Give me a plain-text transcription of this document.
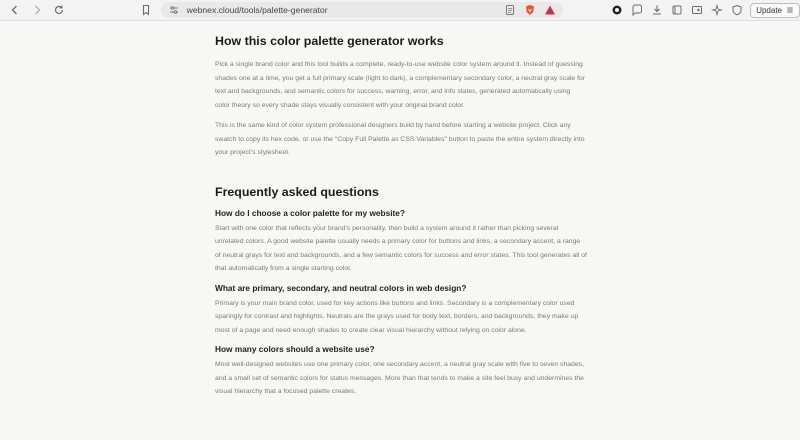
webnex.cloud/tools/palette-generator	Update
How this color palette generator works

Pick a single brand color and this tool builds a complete, ready-to-use website color system around it. Instead of guessing shades one at a time, you get a full primary scale (light to dark), a complementary secondary color, a neutral gray scale for text and backgrounds, and semantic colors for success, warning, error, and info states, generated automatically using color theory so every shade stays visually consistent with your original brand color.

This is the same kind of color system professional designers build by hand before starting a website project. Click any swatch to copy its hex code, or use the "Copy Full Palette as CSS Variables" button to paste the entire system directly into your project's stylesheet.

Frequently asked questions
How do I choose a color palette for my website?

Start with one color that reflects your brand's personality, then build a system around it rather than picking several unrelated colors. A good website palette usually needs a primary color for buttons and links, a secondary accent, a range of neutral grays for text and backgrounds, and a few semantic colors for success and error states. This tool generates all of that automatically from a single starting color.

What are primary, secondary, and neutral colors in web design?

Primary is your main brand color, used for key actions like buttons and links. Secondary is a complementary color used sparingly for contrast and highlights. Neutrals are the grays used for body text, borders, and backgrounds, they make up most of a page and need enough shades to create clear visual hierarchy without relying on color alone.

How many colors should a website use?

Most well-designed websites use one primary color, one secondary accent, a neutral gray scale with five to seven shades, and a small set of semantic colors for status messages. More than that tends to make a site feel busy and undermines the visual hierarchy that a focused palette creates.
